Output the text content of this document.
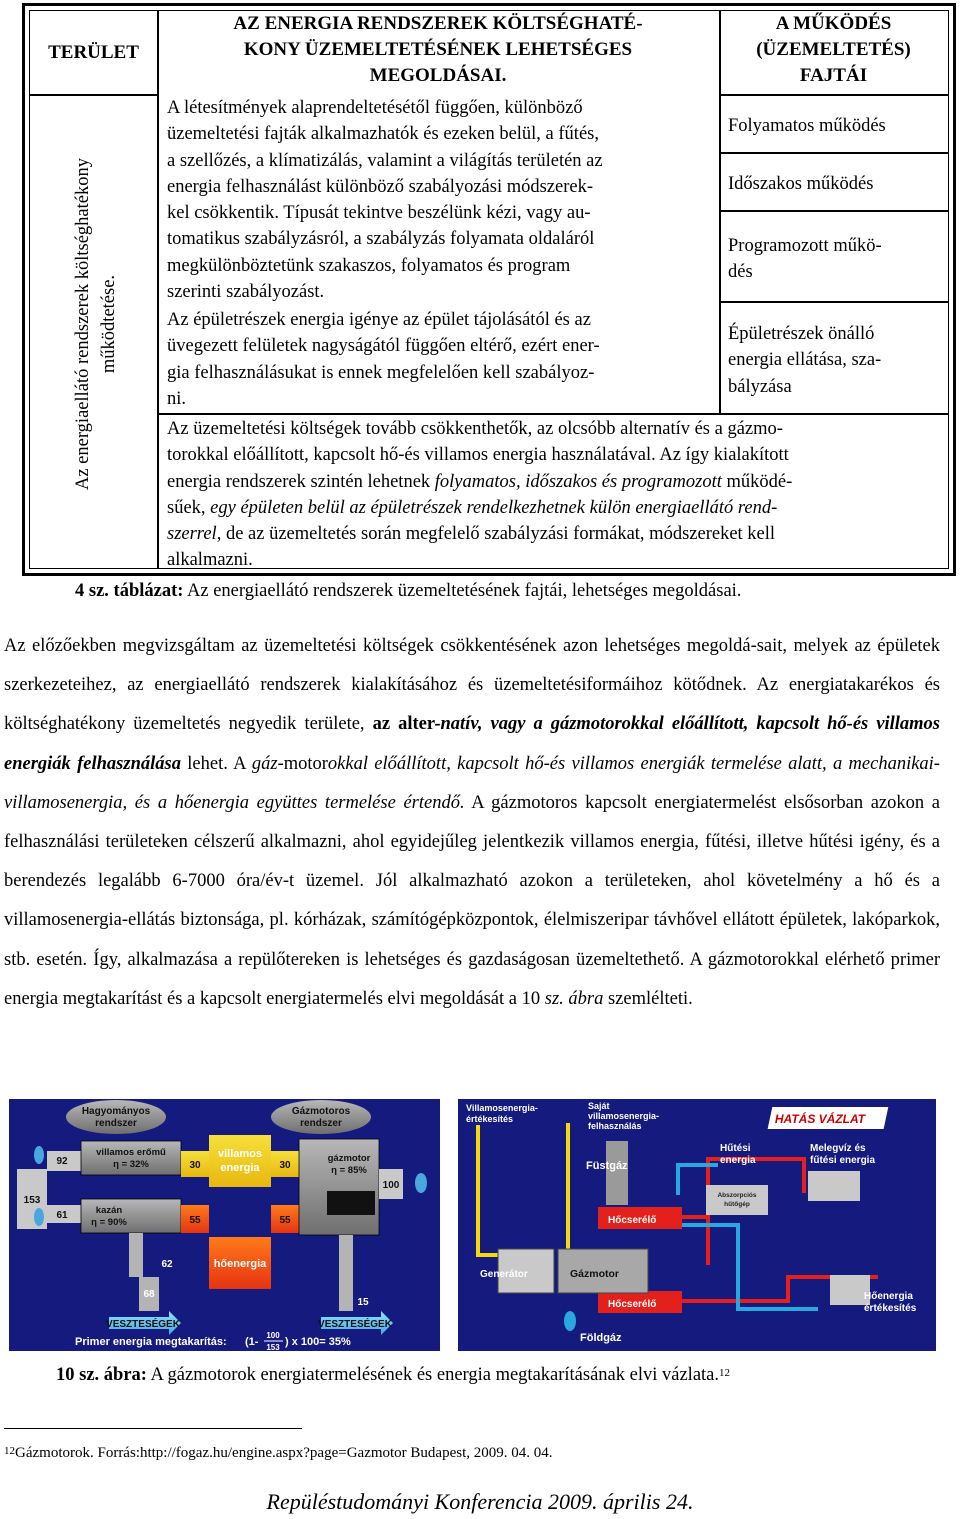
TERÜLET
AZ ENERGIA RENDSZEREK KÖLTSÉGHATÉ-
KONY ÜZEMELTETÉSÉNEK LEHETSÉGES
MEGOLDÁSAI.
A MŰKÖDÉS
(ÜZEMELTETÉS)
FAJTÁI
Az energiaellátó rendszerek költséghatékony működtetése.
A létesítmények alaprendeltetésétől függően, különböző
üzemeltetési fajták alkalmazhatók és ezeken belül, a fűtés,
a szellőzés, a klímatizálás, valamint a világítás területén az
energia felhasználást különböző szabályozási módszerek-
kel csökkentik. Típusát tekintve beszélünk kézi, vagy au-
tomatikus szabályzásról, a szabályzás folyamata oldaláról
megkülönböztetünk szakaszos, folyamatos és program
szerinti szabályozást.
Az épületrészek energia igénye az épület tájolásától és az
üvegezett felületek nagyságától függően eltérő, ezért ener-
gia felhasználásukat is ennek megfelelően kell szabályoz-
ni.
Folyamatos működés
Időszakos működés
Programozott műkö-
dés
Épületrészek önálló
energia ellátása, sza-
bályzása
Az üzemeltetési költségek tovább csökkenthetők, az olcsóbb alternatív és a gázmo-
torokkal előállított, kapcsolt hő-és villamos energia használatával. Az így kialakított
energia rendszerek szintén lehetnek folyamatos, időszakos és programozott működé-
sűek, egy épületen belül az épületrészek rendelkezhetnek külön energiaellátó rend-
szerrel, de az üzemeltetés során megfelelő szabályzási formákat, módszereket kell
alkalmazni.
4 sz. táblázat: Az energiaellátó rendszerek üzemeltetésének fajtái, lehetséges megoldásai.
Az előzőekben megvizsgáltam az üzemeltetési költségek csökkentésének azon lehetséges megoldá-sait, melyek az épületek szerkezeteihez, az energiaellátó rendszerek kialakításához és üzemeltetésiformáihoz kötődnek. Az energiatakarékos és költséghatékony üzemeltetés negyedik területe, az alter-natív, vagy a gázmotorokkal előállított, kapcsolt hő-és villamos energiák felhasználása lehet. A gáz-motorokkal előállított, kapcsolt hő-és villamos energiák termelése alatt, a mechanikai-villamosenergia, és a hőenergia együttes termelése értendő. A gázmotoros kapcsolt energiatermelést elsősorban azokon a felhasználási területeken célszerű alkalmazni, ahol egyidejűleg jelentkezik villamos energia, fűtési, illetve hűtési igény, és a berendezés legalább 6-7000 óra/év-t üzemel. Jól alkalmazható azokon a területeken, ahol követelmény a hő és a villamosenergia-ellátás biztonsága, pl. kórházak, számítógépközpontok, élelmiszeripar távhővel ellátott épületek, lakóparkok, stb. esetén. Így, alkalmazása a repülőtereken is lehetséges és gazdaságosan üzemeltethető. A gázmotorokkal elérhető primer energia megtakarítást és a kapcsolt energiatermelés elvi megoldását a 10 sz. ábra szemlélteti.
Hagyományos
rendszer
Gázmotoros
rendszer
villamos erőmű
η = 32%
kazán
η = 90%
gázmotor
η = 85%
villamos
energia
hőenergia
92
153
61
30
55
62
68
30
55
100
15
VESZTESÉGEK	VESZTESÉGEK
Primer energia megtakarítás: (1-
100
153 ) x 100= 35%
HATÁS VÁZLAT
Villamosenergia-
értékesítés
Saját
villamosenergia-
felhasználás
Füstgáz
Hőcserélő
Hőcserélő
Hűtési
energia
Abszorpciós
hűtőgép
Melegvíz és
fűtési energia
Generátor	Gázmotor
Földgáz
Hőenergia
értékesítés
10 sz. ábra: A gázmotorok energiatermelésének és energia megtakarításának elvi vázlata.$^{12}$
$^{12}$Gázmotorok. Forrás:http://fogaz.hu/engine.aspx?page=Gazmotor Budapest, 2009. 04. 04.
Repüléstudományi Konferencia 2009. április 24.
